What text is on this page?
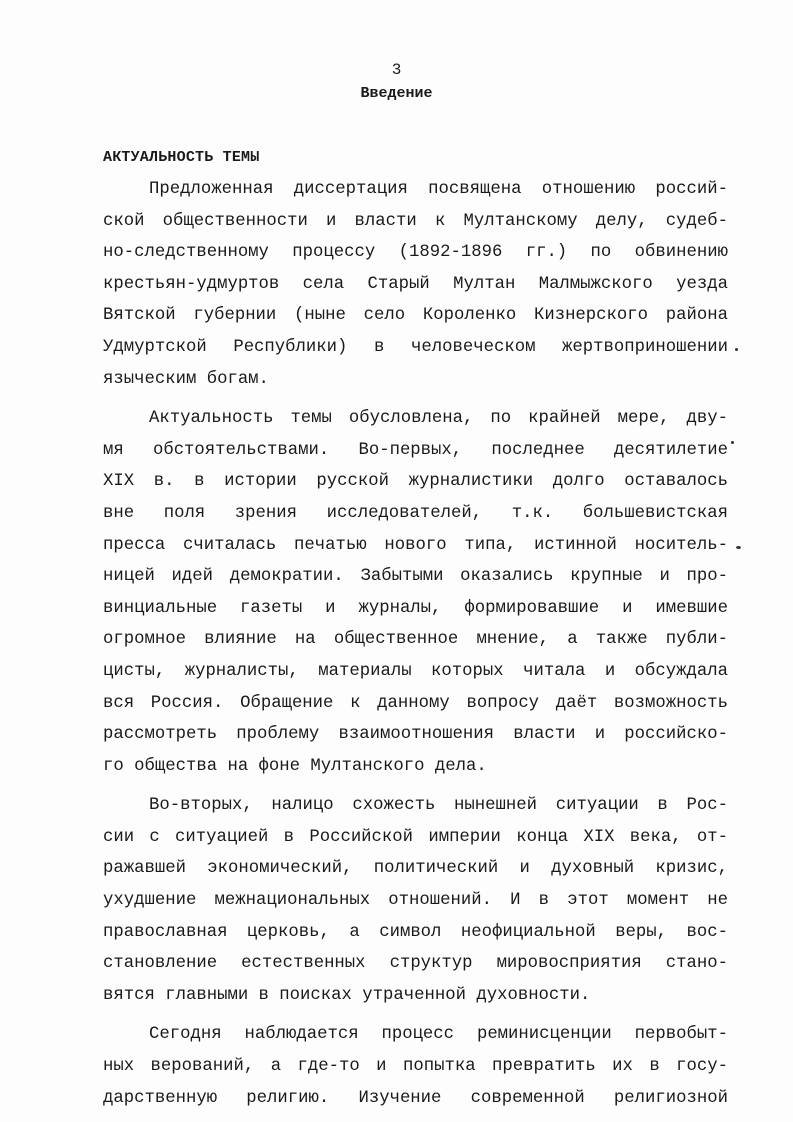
3
Введение
АКТУАЛЬНОСТЬ ТЕМЫ
Предложенная диссертация посвящена отношению россий-
ской общественности и власти к Мултанскому делу, судеб-
но-следственному процессу (1892-1896 гг.) по обвинению
крестьян-удмуртов села Старый Мултан Малмыжского уезда
Вятской губернии (ныне село Короленко Кизнерского района
Удмуртской Республики) в человеческом жертвоприношении
языческим богам.
Актуальность темы обусловлена, по крайней мере, дву-
мя обстоятельствами. Во-первых, последнее десятилетие
XIX в. в истории русской журналистики долго оставалось
вне поля зрения исследователей, т.к. большевистская
пресса считалась печатью нового типа, истинной носитель-
ницей идей демократии. Забытыми оказались крупные и про-
винциальные газеты и журналы, формировавшие и имевшие
огромное влияние на общественное мнение, а также публи-
цисты, журналисты, материалы которых читала и обсуждала
вся Россия. Обращение к данному вопросу даёт возможность
рассмотреть проблему взаимоотношения власти и российско-
го общества на фоне Мултанского дела.
Во-вторых, налицо схожесть нынешней ситуации в Рос-
сии с ситуацией в Российской империи конца XIX века, от-
ражавшей экономический, политический и духовный кризис,
ухудшение межнациональных отношений. И в этот момент не
православная церковь, а символ неофициальной веры, вос-
становление естественных структур мировосприятия стано-
вятся главными в поисках утраченной духовности.
Сегодня наблюдается процесс реминисценции первобыт-
ных верований, а где-то и попытка превратить их в госу-
дарственную религию. Изучение современной религиозной
